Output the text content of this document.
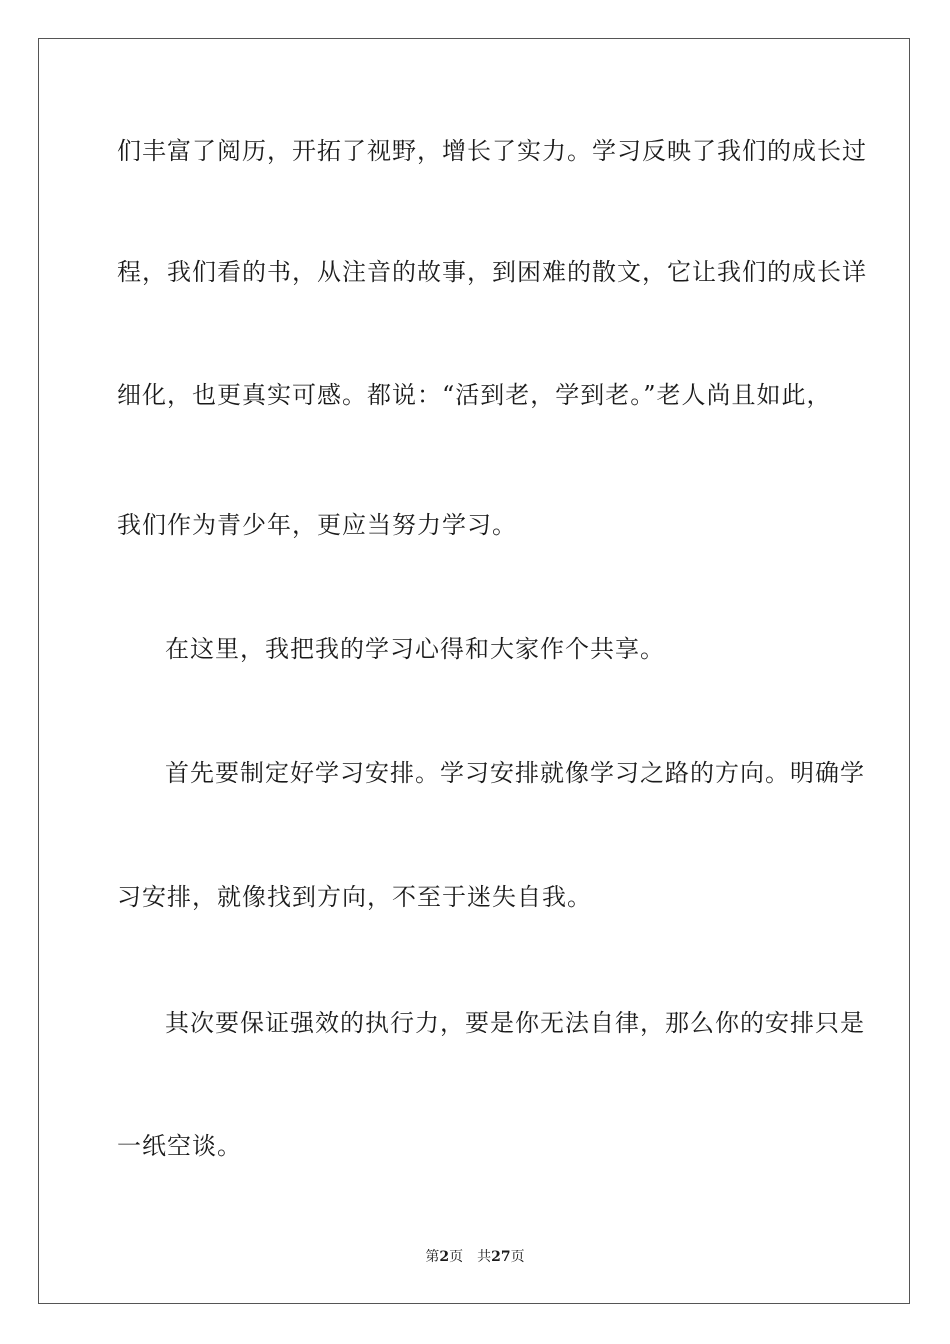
们丰富了阅历，开拓了视野，增长了实力。学习反映了我们的成长过
程，我们看的书，从注音的故事，到困难的散文，它让我们的成长详
细化，也更真实可感。都说：“活到老，学到老。”老人尚且如此，
我们作为青少年，更应当努力学习。
在这里，我把我的学习心得和大家作个共享。
首先要制定好学习安排。学习安排就像学习之路的方向。明确学
习安排，就像找到方向，不至于迷失自我。
其次要保证强效的执行力，要是你无法自律，那么你的安排只是
一纸空谈。
第2页 共27页
